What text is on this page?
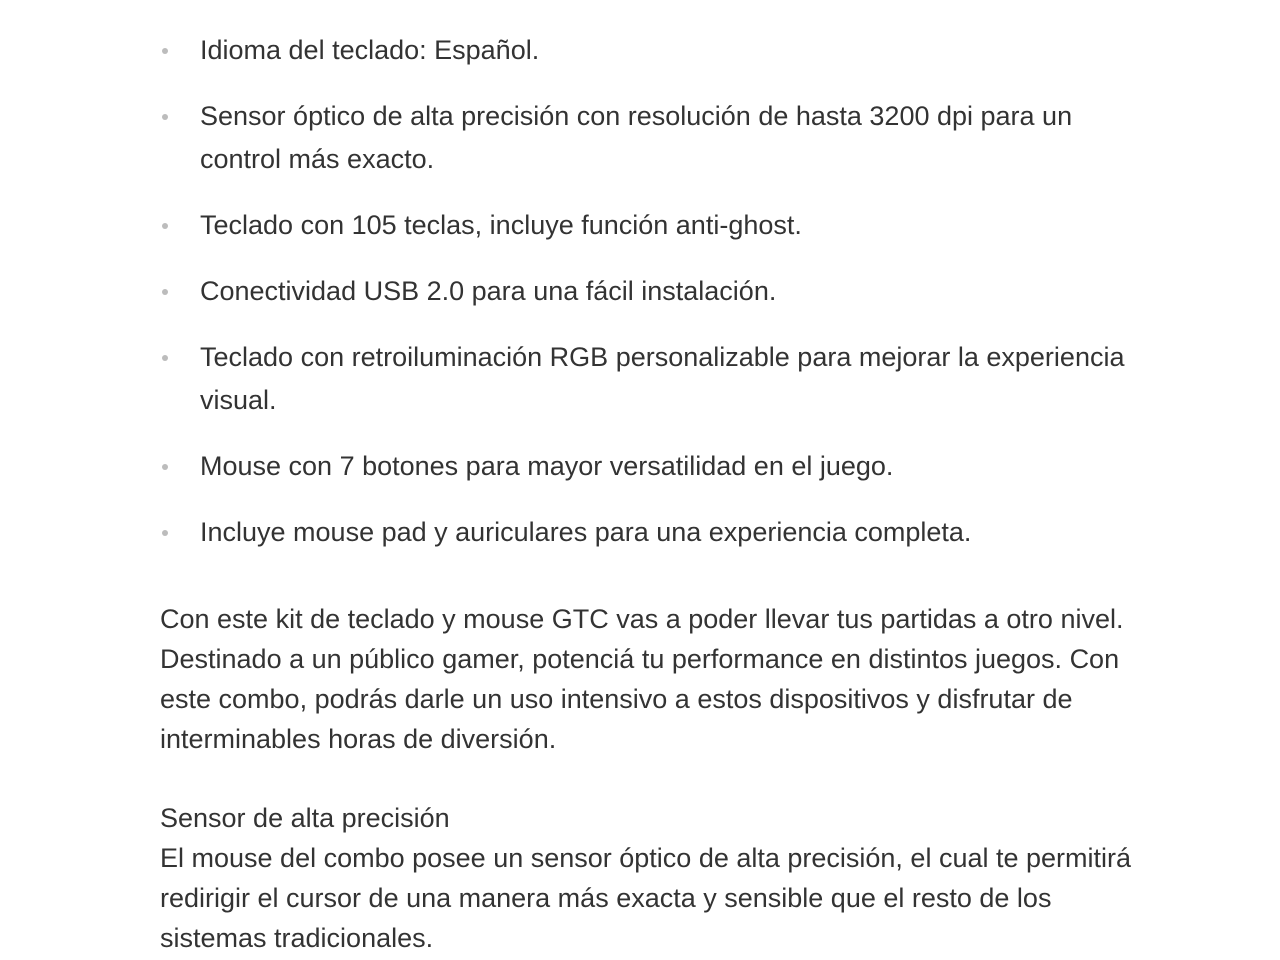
Idioma del teclado: Español.
Sensor óptico de alta precisión con resolución de hasta 3200 dpi para un control más exacto.
Teclado con 105 teclas, incluye función anti-ghost.
Conectividad USB 2.0 para una fácil instalación.
Teclado con retroiluminación RGB personalizable para mejorar la experiencia visual.
Mouse con 7 botones para mayor versatilidad en el juego.
Incluye mouse pad y auriculares para una experiencia completa.

Con este kit de teclado y mouse GTC vas a poder llevar tus partidas a otro nivel. Destinado a un público gamer, potenciá tu performance en distintos juegos. Con este combo, podrás darle un uso intensivo a estos dispositivos y disfrutar de interminables horas de diversión.

Sensor de alta precisión

El mouse del combo posee un sensor óptico de alta precisión, el cual te permitirá redirigir el cursor de una manera más exacta y sensible que el resto de los sistemas tradicionales.
